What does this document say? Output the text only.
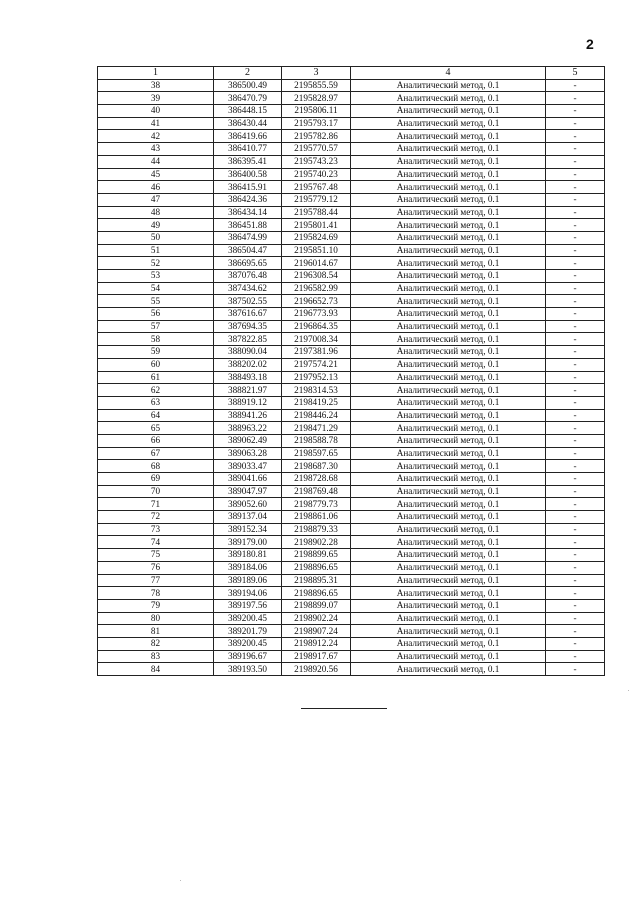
2
1	2	3	4	5
38	386500.49	2195855.59	Аналитический метод, 0.1	-
39	386470.79	2195828.97	Аналитический метод, 0.1	-
40	386448.15	2195806.11	Аналитический метод, 0.1	-
41	386430.44	2195793.17	Аналитический метод, 0.1	-
42	386419.66	2195782.86	Аналитический метод, 0.1	-
43	386410.77	2195770.57	Аналитический метод, 0.1	-
44	386395.41	2195743.23	Аналитический метод, 0.1	-
45	386400.58	2195740.23	Аналитический метод, 0.1	-
46	386415.91	2195767.48	Аналитический метод, 0.1	-
47	386424.36	2195779.12	Аналитический метод, 0.1	-
48	386434.14	2195788.44	Аналитический метод, 0.1	-
49	386451.88	2195801.41	Аналитический метод, 0.1	-
50	386474.99	2195824.69	Аналитический метод, 0.1	-
51	386504.47	2195851.10	Аналитический метод, 0.1	-
52	386695.65	2196014.67	Аналитический метод, 0.1	-
53	387076.48	2196308.54	Аналитический метод, 0.1	-
54	387434.62	2196582.99	Аналитический метод, 0.1	-
55	387502.55	2196652.73	Аналитический метод, 0.1	-
56	387616.67	2196773.93	Аналитический метод, 0.1	-
57	387694.35	2196864.35	Аналитический метод, 0.1	-
58	387822.85	2197008.34	Аналитический метод, 0.1	-
59	388090.04	2197381.96	Аналитический метод, 0.1	-
60	388202.02	2197574.21	Аналитический метод, 0.1	-
61	388493.18	2197952.13	Аналитический метод, 0.1	-
62	388821.97	2198314.53	Аналитический метод, 0.1	-
63	388919.12	2198419.25	Аналитический метод, 0.1	-
64	388941.26	2198446.24	Аналитический метод, 0.1	-
65	388963.22	2198471.29	Аналитический метод, 0.1	-
66	389062.49	2198588.78	Аналитический метод, 0.1	-
67	389063.28	2198597.65	Аналитический метод, 0.1	-
68	389033.47	2198687.30	Аналитический метод, 0.1	-
69	389041.66	2198728.68	Аналитический метод, 0.1	-
70	389047.97	2198769.48	Аналитический метод, 0.1	-
71	389052.60	2198779.73	Аналитический метод, 0.1	-
72	389137.04	2198861.06	Аналитический метод, 0.1	-
73	389152.34	2198879.33	Аналитический метод, 0.1	-
74	389179.00	2198902.28	Аналитический метод, 0.1	-
75	389180.81	2198899.65	Аналитический метод, 0.1	-
76	389184.06	2198896.65	Аналитический метод, 0.1	-
77	389189.06	2198895.31	Аналитический метод, 0.1	-
78	389194.06	2198896.65	Аналитический метод, 0.1	-
79	389197.56	2198899.07	Аналитический метод, 0.1	-
80	389200.45	2198902.24	Аналитический метод, 0.1	-
81	389201.79	2198907.24	Аналитический метод, 0.1	-
82	389200.45	2198912.24	Аналитический метод, 0.1	-
83	389196.67	2198917.67	Аналитический метод, 0.1	-
84	389193.50	2198920.56	Аналитический метод, 0.1	-
